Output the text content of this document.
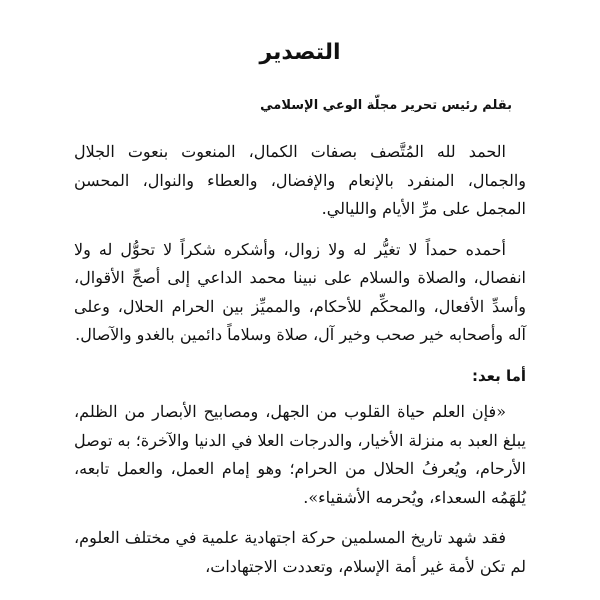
التصدير

بقلم رئيس تحرير مجلّة الوعي الإسلامي

الحمد لله المُتَّصف بصفات الكمال، المنعوت بنعوت الجلال والجمال، المنفرد بالإنعام والإفضال، والعطاء والنوال، المحسن المجمل على مرِّ الأيام والليالي.

أحمده حمداً لا تغيُّر له ولا زوال، وأشكره شكراً لا تحوُّل له ولا انفصال، والصلاة والسلام على نبينا محمد الداعي إلى أصحِّ الأقوال، وأسدِّ الأفعال، والمحكِّم للأحكام، والمميِّز بين الحرام الحلال، وعلى آله وأصحابه خير صحب وخير آل، صلاة وسلاماً دائمين بالغدو والآصال.

أما بعد:

«فإن العلم حياة القلوب من الجهل، ومصابيح الأبصار من الظلم، يبلغ العبد به منزلة الأخيار، والدرجات العلا في الدنيا والآخرة؛ به توصل الأرحام، ويُعرفُ الحلال من الحرام؛ وهو إمام العمل، والعمل تابعه، يُلهَمُه السعداء، ويُحرمه الأشقياء».

فقد شهد تاريخ المسلمين حركة اجتهادية علمية في مختلف العلوم، لم تكن لأمة غير أمة الإسلام، وتعددت الاجتهادات،
